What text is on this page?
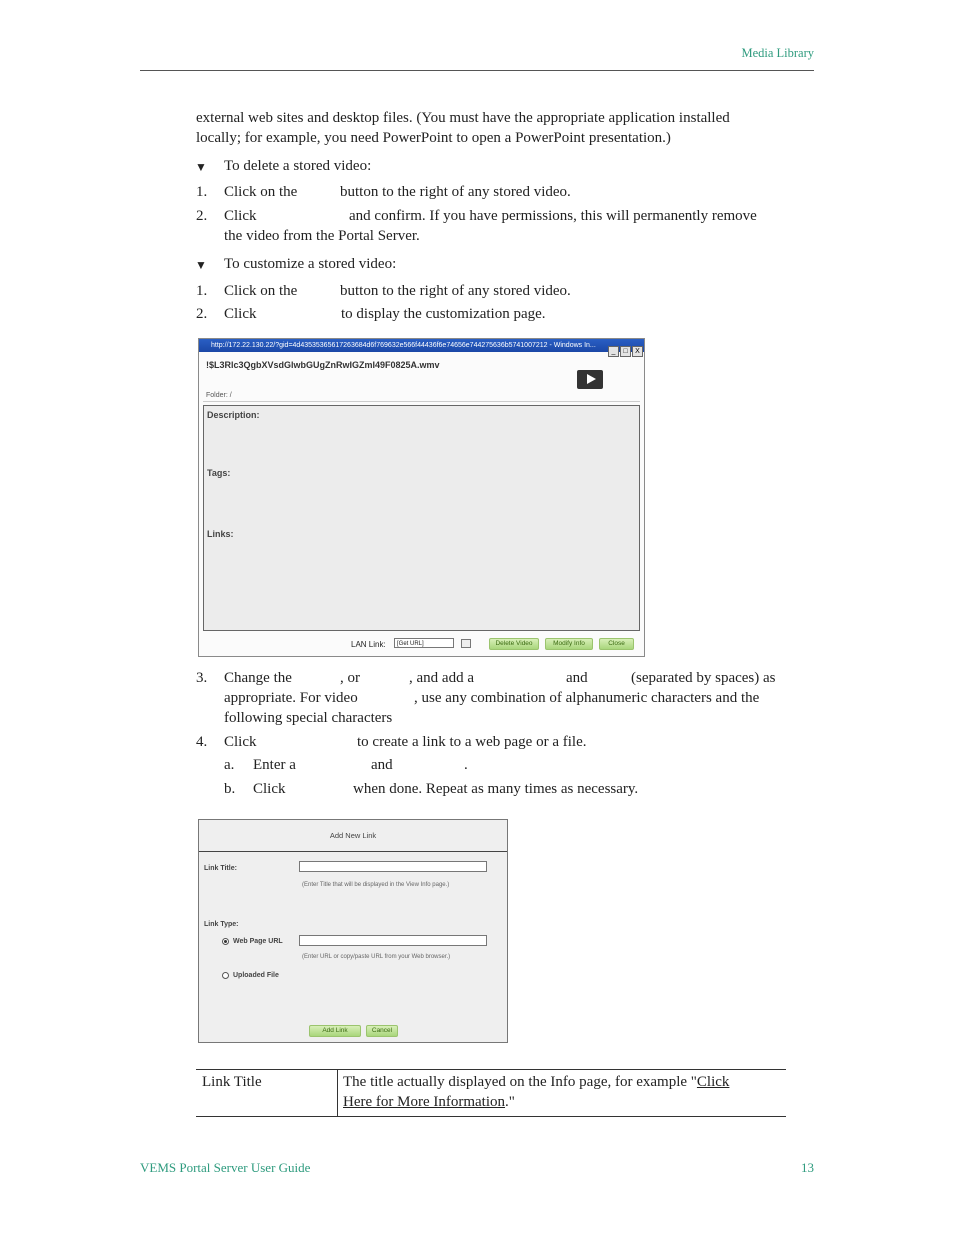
Media Library
external web sites and desktop files. (You must have the appropriate application installed
locally; for example, you need PowerPoint to open a PowerPoint presentation.)
▼ To delete a stored video:
1. Click on the	button to the right of any stored video.
2. Click	and confirm. If you have permissions, this will permanently remove
the video from the Portal Server.
▼ To customize a stored video:
1. Click on the	button to the right of any stored video.
2. Click	to display the customization page.
http://172.22.130.22/?gid=4d43535365617263684d6f769632e566f44436f6e74656e744275636b5741007212 - Windows In...
_ □ X
!$L3Rlc3QgbXVsdGlwbGUgZnRwIGZmI49F0825A.wmv
Folder: /
Description:
Tags:
Links:
LAN Link:	[Get URL]	Delete Video	Modify Info	Close
3. Change the	, or	, and add a	and	(separated by spaces) as
appropriate. For video	, use any combination of alphanumeric characters and the
following special characters
4. Click	to create a link to a web page or a file.
a. Enter a	and	.
b. Click	when done. Repeat as many times as necessary.
Add New Link
Link Title:
(Enter Title that will be displayed in the View Info page.)
Link Type:
Web Page URL
(Enter URL or copy/paste URL from your Web browser.)
Uploaded File
Add Link	Cancel
Link Title	The title actually displayed on the Info page, for example "Click
Here for More Information."
VEMS Portal Server User Guide	13
